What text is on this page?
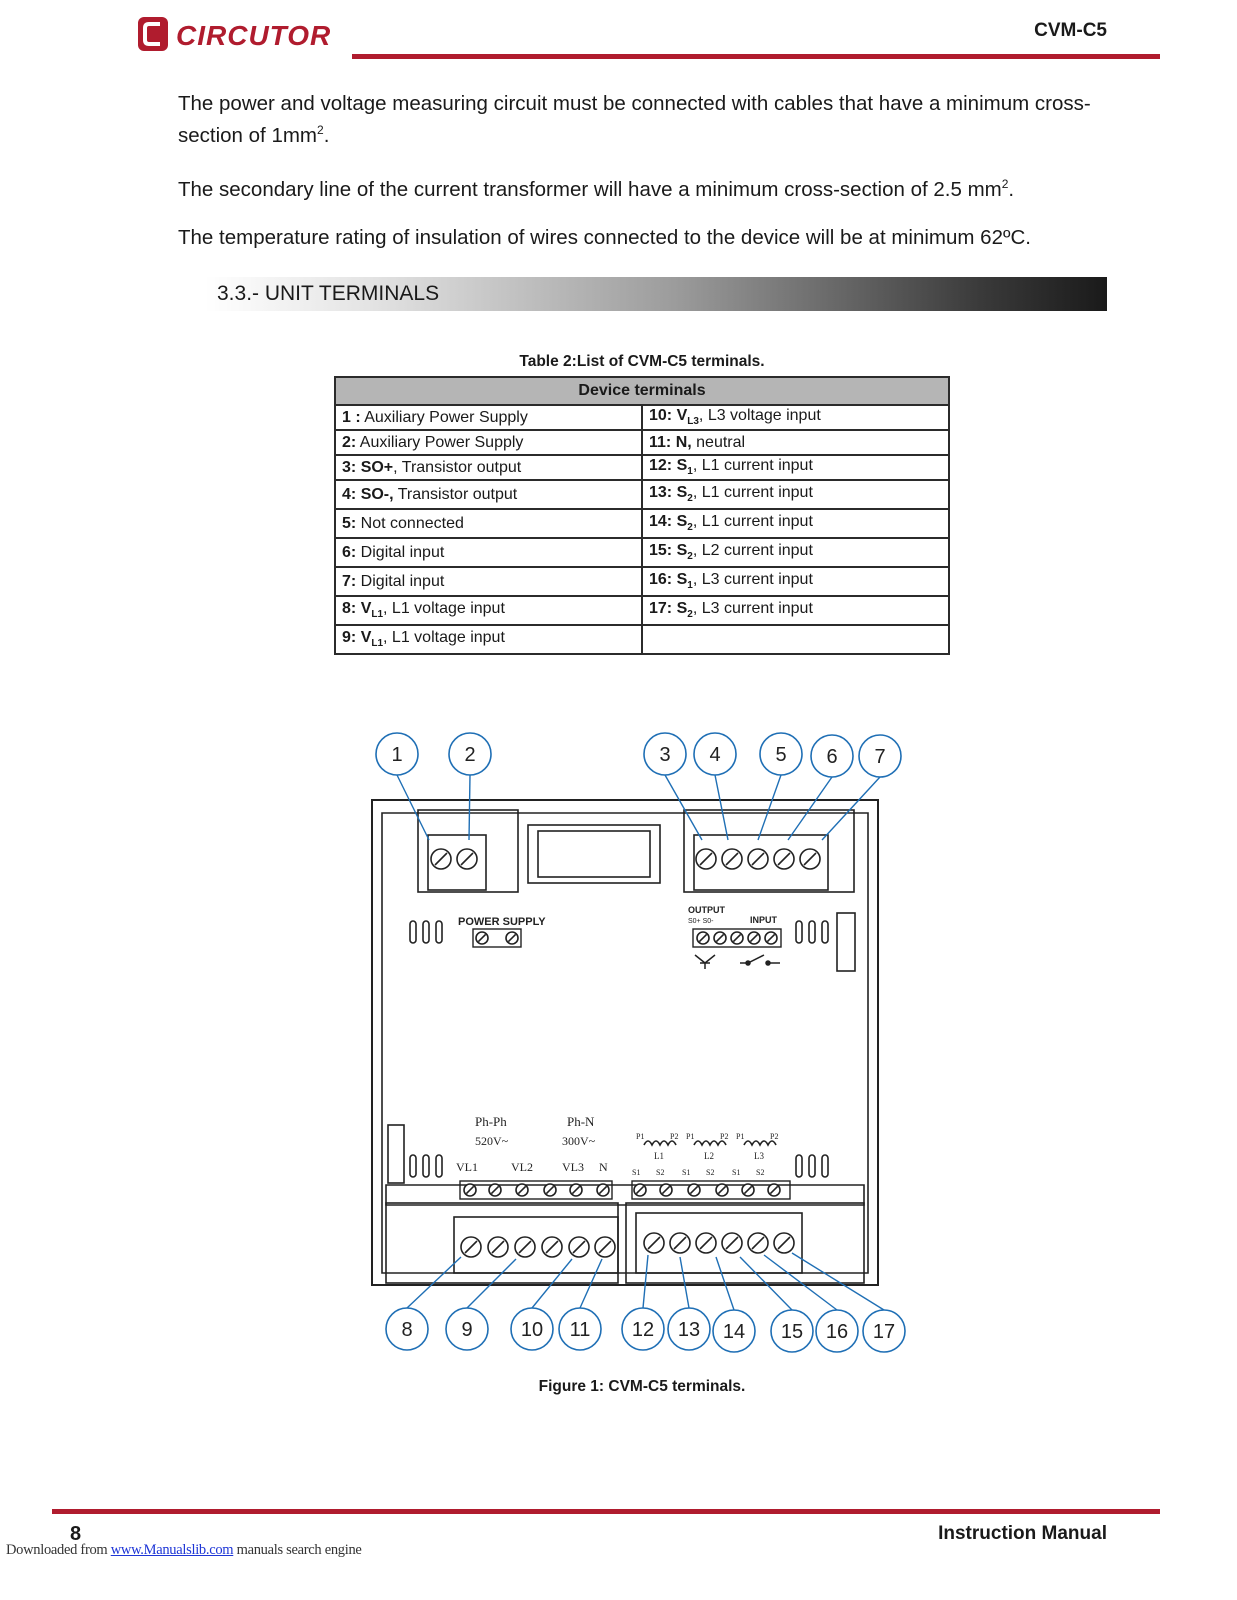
CIRCUTOR	CVM-C5
The power and voltage measuring circuit must be connected with cables that have a minimum cross-section of $1mm^2$.
The secondary line of the current transformer will have a minimum cross-section of 2.5 $mm^2$.
The temperature rating of insulation of wires connected to the device will be at minimum 62ºC.
3.3.- UNIT TERMINALS
Table 2:List of CVM-C5 terminals.
Device terminals	
1 : Auxiliary Power Supply	10: $V_{L3}$, L3 voltage input
2: Auxiliary Power Supply	11: N, neutral
3: SO+, Transistor output	12: $S_1$, L1 current input
4: SO-, Transistor output	13: $S_2$, L1 current input
5: Not connected	14: $S_2$, L1 current input
6: Digital input	15: $S_2$, L2 current input
7: Digital input	16: $S_1$, L3 current input
8: $V_{L1}$, L1 voltage input	17: $S_2$, L3 current input
9: $V_{L1}$, L1 voltage input	
POWER SUPPLY
OUTPUT
S0+ S0-	INPUT
Ph-Ph
520V~
Ph-N
300V~
VL1	VL2 VL3 N
L1
P1	P2
S1 S2
L2
P1	P2
S1 S2
L3
P1	P2
S1 S2
1	2	3 4	5 6 7
8 9 10 11 12 13 14 15 16 17
Figure 1: CVM-C5 terminals.
8	Instruction Manual
Downloaded from www.Manualslib.com manuals search engine
